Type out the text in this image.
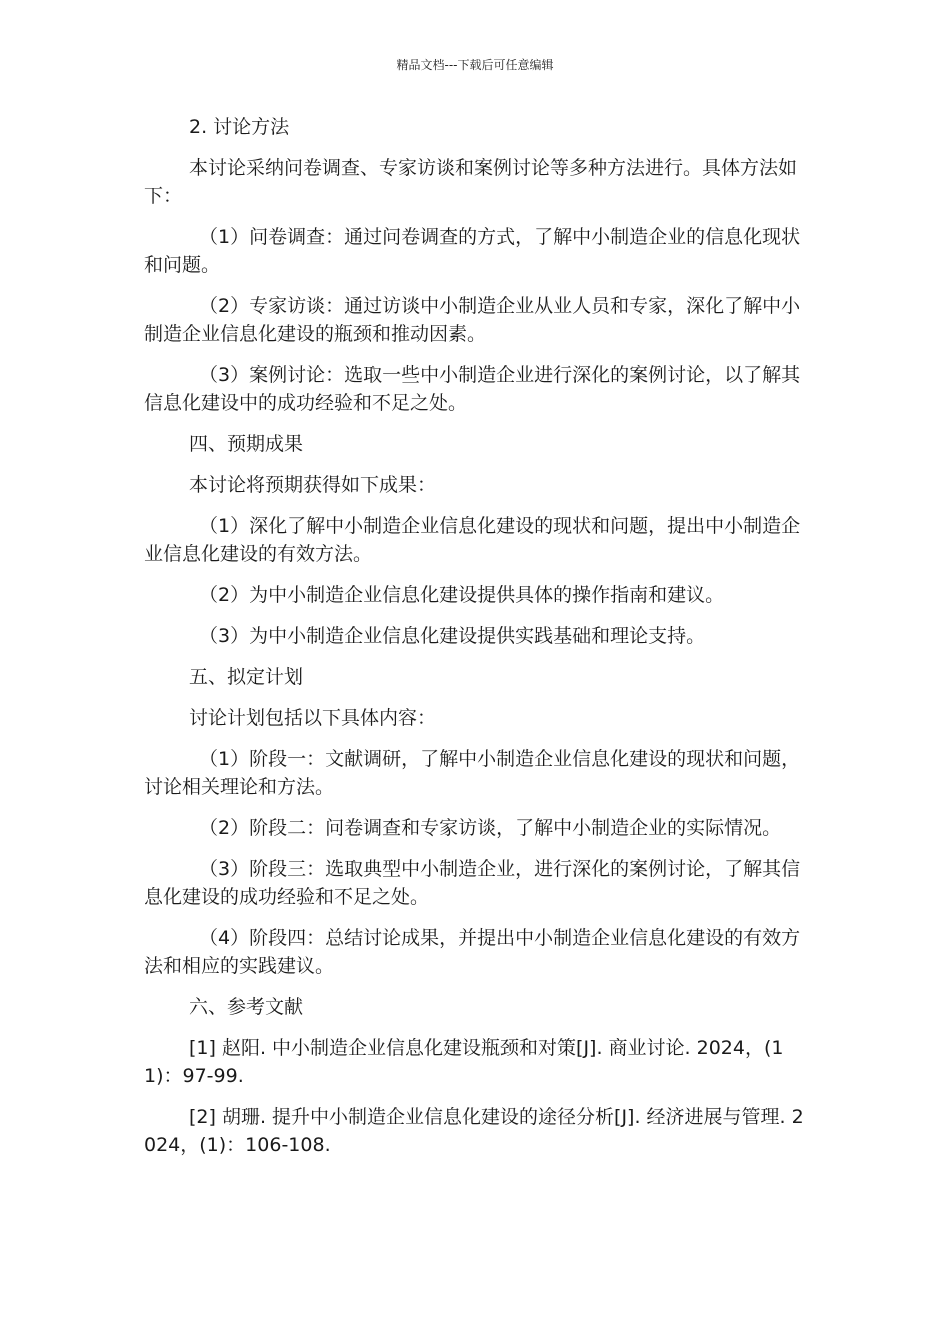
精品文档---下载后可任意编辑

2. 讨论方法

本讨论采纳问卷调查、专家访谈和案例讨论等多种方法进行。具体方法如下：

（1）问卷调查：通过问卷调查的方式，了解中小制造企业的信息化现状和问题。

（2）专家访谈：通过访谈中小制造企业从业人员和专家，深化了解中小制造企业信息化建设的瓶颈和推动因素。

（3）案例讨论：选取一些中小制造企业进行深化的案例讨论，以了解其信息化建设中的成功经验和不足之处。

四、预期成果

本讨论将预期获得如下成果：

（1）深化了解中小制造企业信息化建设的现状和问题，提出中小制造企业信息化建设的有效方法。

（2）为中小制造企业信息化建设提供具体的操作指南和建议。

（3）为中小制造企业信息化建设提供实践基础和理论支持。

五、拟定计划

讨论计划包括以下具体内容：

（1）阶段一：文献调研，了解中小制造企业信息化建设的现状和问题，讨论相关理论和方法。

（2）阶段二：问卷调查和专家访谈，了解中小制造企业的实际情况。

（3）阶段三：选取典型中小制造企业，进行深化的案例讨论，了解其信息化建设的成功经验和不足之处。

（4）阶段四：总结讨论成果，并提出中小制造企业信息化建设的有效方法和相应的实践建议。

六、参考文献

[1] 赵阳. 中小制造企业信息化建设瓶颈和对策[J]. 商业讨论. 2024，(11)：97-99.

[2] 胡珊. 提升中小制造企业信息化建设的途径分析[J]. 经济进展与管理. 2024，(1)：106-108.
